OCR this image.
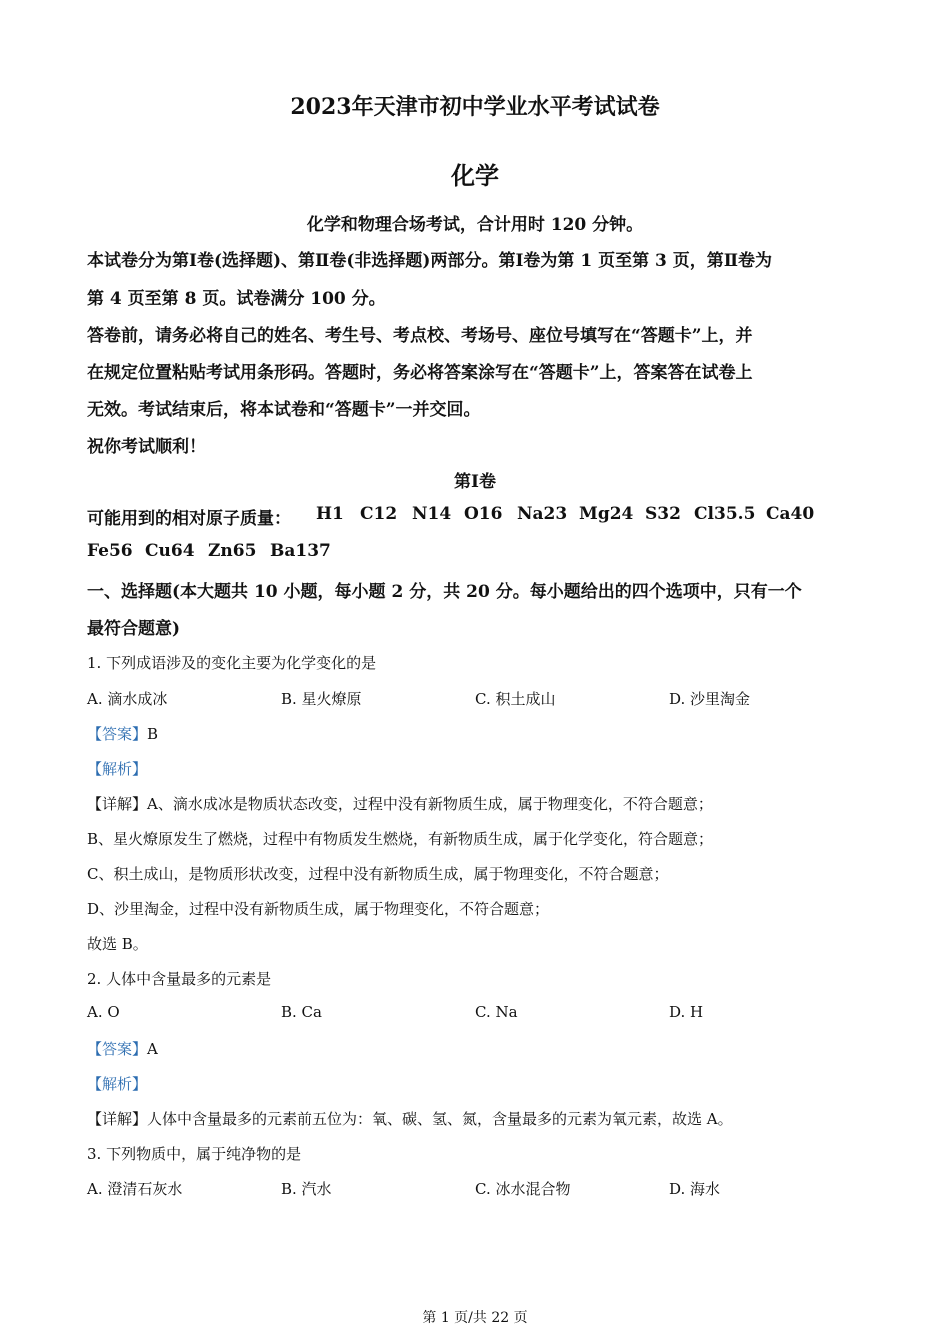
2023年天津市初中学业水平考试试卷
化学
化学和物理合场考试，合计用时 120 分钟。
本试卷分为第Ⅰ卷(选择题)、第Ⅱ卷(非选择题)两部分。第Ⅰ卷为第 1 页至第 3 页，第Ⅱ卷为
第 4 页至第 8 页。试卷满分 100 分。
答卷前，请务必将自己的姓名、考生号、考点校、考场号、座位号填写在“答题卡”上，并
在规定位置粘贴考试用条形码。答题时，务必将答案涂写在“答题卡”上，答案答在试卷上
无效。考试结束后，将本试卷和“答题卡”一并交回。
祝你考试顺利！
第Ⅰ卷
可能用到的相对原子质量： H1 C12 N14 O16 Na23 Mg24 S32 Cl35.5 Ca40
Fe56 Cu64 Zn65 Ba137
一、选择题(本大题共 10 小题，每小题 2 分，共 20 分。每小题给出的四个选项中，只有一个
最符合题意)
1. 下列成语涉及的变化主要为化学变化的是
A. 滴水成冰	B. 星火燎原	C. 积土成山	D. 沙里淘金
【答案】B
【解析】
【详解】A、滴水成冰是物质状态改变，过程中没有新物质生成，属于物理变化，不符合题意；
B、星火燎原发生了燃烧，过程中有物质发生燃烧，有新物质生成，属于化学变化，符合题意；
C、积土成山，是物质形状改变，过程中没有新物质生成，属于物理变化，不符合题意；
D、沙里淘金，过程中没有新物质生成，属于物理变化，不符合题意；
故选 B。
2. 人体中含量最多的元素是
A. O	B. Ca	C. Na	D. H
【答案】A
【解析】
【详解】人体中含量最多的元素前五位为：氧、碳、氢、氮，含量最多的元素为氧元素，故选 A。
3. 下列物质中，属于纯净物的是
A. 澄清石灰水	B. 汽水	C. 冰水混合物	D. 海水
第 1 页/共 22 页
